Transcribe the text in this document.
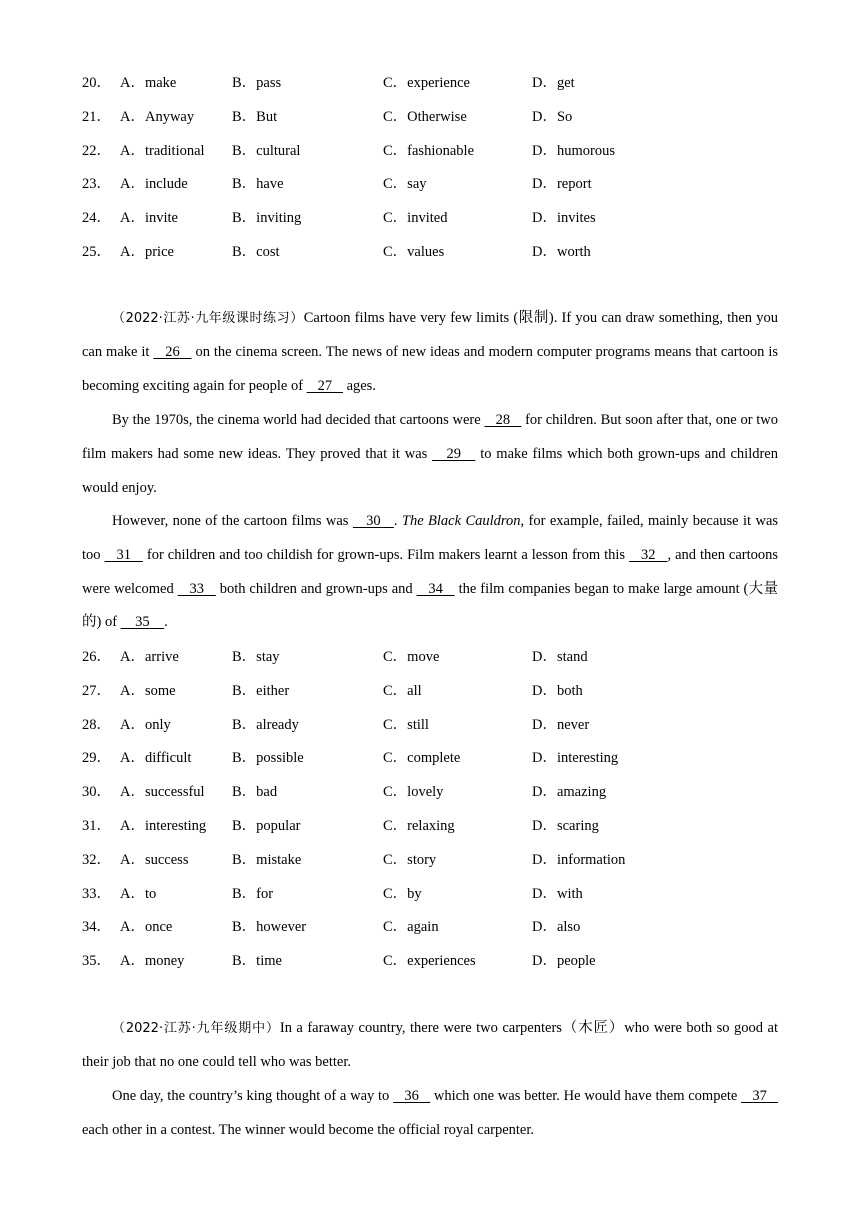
20． A．make	B．pass	C．experience	D．get
21． A．Anyway	B．But	C．Otherwise	D．So
22． A．traditional B．cultural	C．fashionable	D．humorous
23． A．include	B．have	C．say	D．report
24． A．invite	B．inviting	C．invited	D．invites
25． A．price	B．cost	C．values	D．worth

（2022·江苏·九年级课时练习）Cartoon films have very few limits (限制). If you can draw something, then you can make it    26    on the cinema screen. The news of new ideas and modern computer programs means that cartoon is becoming exciting again for people of    27    ages.

By the 1970s, the cinema world had decided that cartoons were    28    for children. But soon after that, one or two film makers had some new ideas. They proved that it was    29    to make films which both grown-ups and children would enjoy.

However, none of the cartoon films was    30 . The Black Cauldron, for example, failed, mainly because it was too    31    for children and too childish for grown-ups. Film makers learnt a lesson from this    32 , and then cartoons were welcomed    33    both children and grown-ups and    34    the film companies began to make large amount (大量的) of     35 .

26． A．arrive	B．stay	C．move	D．stand
27． A．some	B．either	C．all	D．both
28． A．only	B．already	C．still	D．never
29． A．difficult	B．possible	C．complete	D．interesting
30． A．successful B．bad	C．lovely	D．amazing
31． A．interesting B．popular	C．relaxing	D．scaring
32． A．success	B．mistake	C．story	D．information
33． A．to	B．for	C．by	D．with
34． A．once	B．however	C．again	D．also
35． A．money	B．time	C．experiences	D．people

（2022·江苏·九年级期中）In a faraway country, there were two carpenters（木匠）who were both so good at their job that no one could tell who was better.

One day, the country’s king thought of a way to    36    which one was better. He would have them compete    37    each other in a contest. The winner would become the official royal carpenter.
